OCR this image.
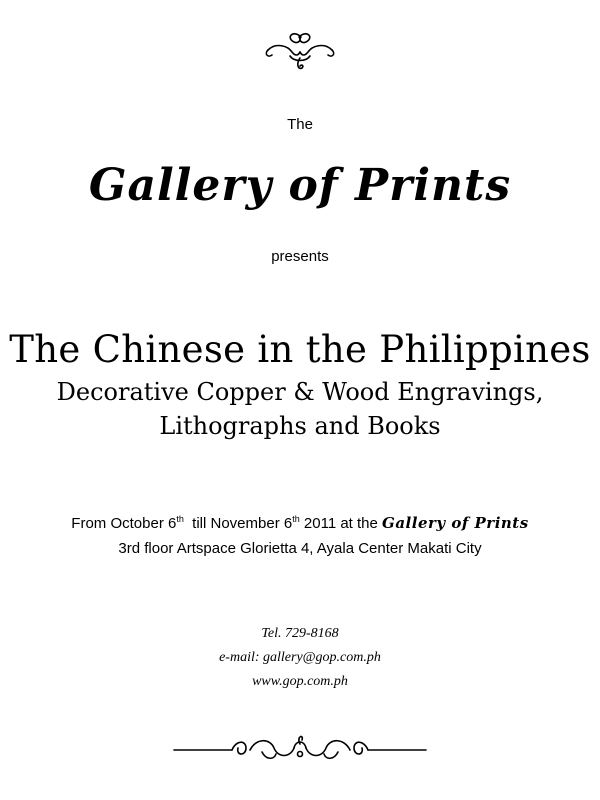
The
Gallery of Prints
presents
The Chinese in the Philippines
Decorative Copper & Wood Engravings,
Lithographs and Books
From October 6th  till November 6th 2011 at the Gallery of Prints
3rd floor Artspace Glorietta 4, Ayala Center Makati City
Tel. 729-8168
e-mail: gallery@gop.com.ph
www.gop.com.ph
